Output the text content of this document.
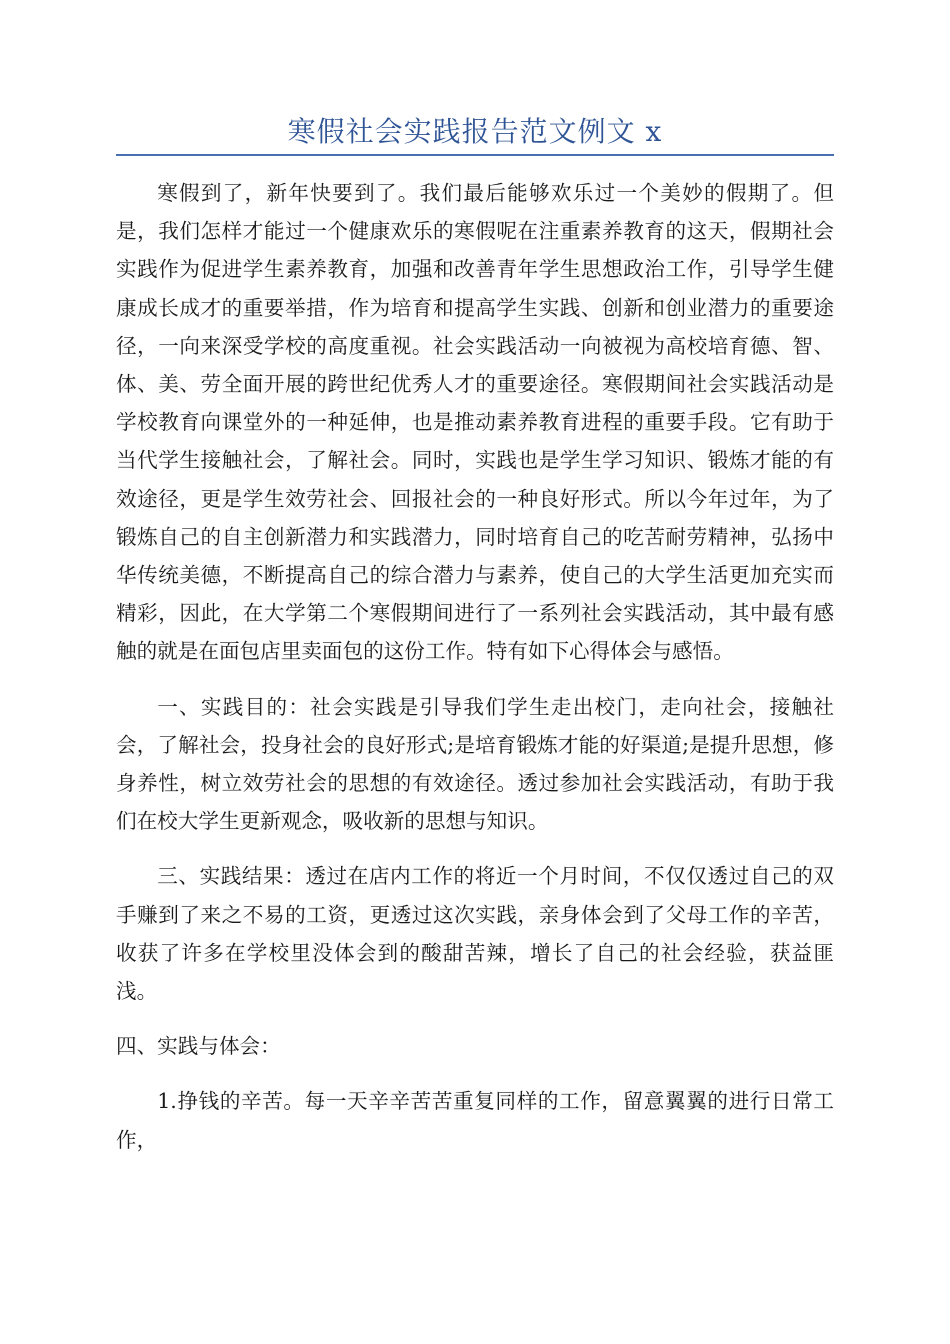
寒假社会实践报告范文例文 x

寒假到了，新年快要到了。我们最后能够欢乐过一个美妙的假期了。但是，我们怎样才能过一个健康欢乐的寒假呢在注重素养教育的这天，假期社会实践作为促进学生素养教育，加强和改善青年学生思想政治工作，引导学生健康成长成才的重要举措，作为培育和提高学生实践、创新和创业潜力的重要途径，一向来深受学校的高度重视。社会实践活动一向被视为高校培育德、智、体、美、劳全面开展的跨世纪优秀人才的重要途径。寒假期间社会实践活动是学校教育向课堂外的一种延伸，也是推动素养教育进程的重要手段。它有助于当代学生接触社会，了解社会。同时，实践也是学生学习知识、锻炼才能的有效途径，更是学生效劳社会、回报社会的一种良好形式。所以今年过年，为了锻炼自己的自主创新潜力和实践潜力，同时培育自己的吃苦耐劳精神，弘扬中华传统美德，不断提高自己的综合潜力与素养，使自己的大学生活更加充实而精彩，因此，在大学第二个寒假期间进行了一系列社会实践活动，其中最有感触的就是在面包店里卖面包的这份工作。特有如下心得体会与感悟。

一、实践目的：社会实践是引导我们学生走出校门，走向社会，接触社会，了解社会，投身社会的良好形式;是培育锻炼才能的好渠道;是提升思想，修身养性，树立效劳社会的思想的有效途径。透过参加社会实践活动，有助于我们在校大学生更新观念，吸收新的思想与知识。

三、实践结果：透过在店内工作的将近一个月时间，不仅仅透过自己的双手赚到了来之不易的工资，更透过这次实践，亲身体会到了父母工作的辛苦，收获了许多在学校里没体会到的酸甜苦辣，增长了自己的社会经验，获益匪浅。

四、实践与体会：

1.挣钱的辛苦。每一天辛辛苦苦重复同样的工作，留意翼翼的进行日常工作，
